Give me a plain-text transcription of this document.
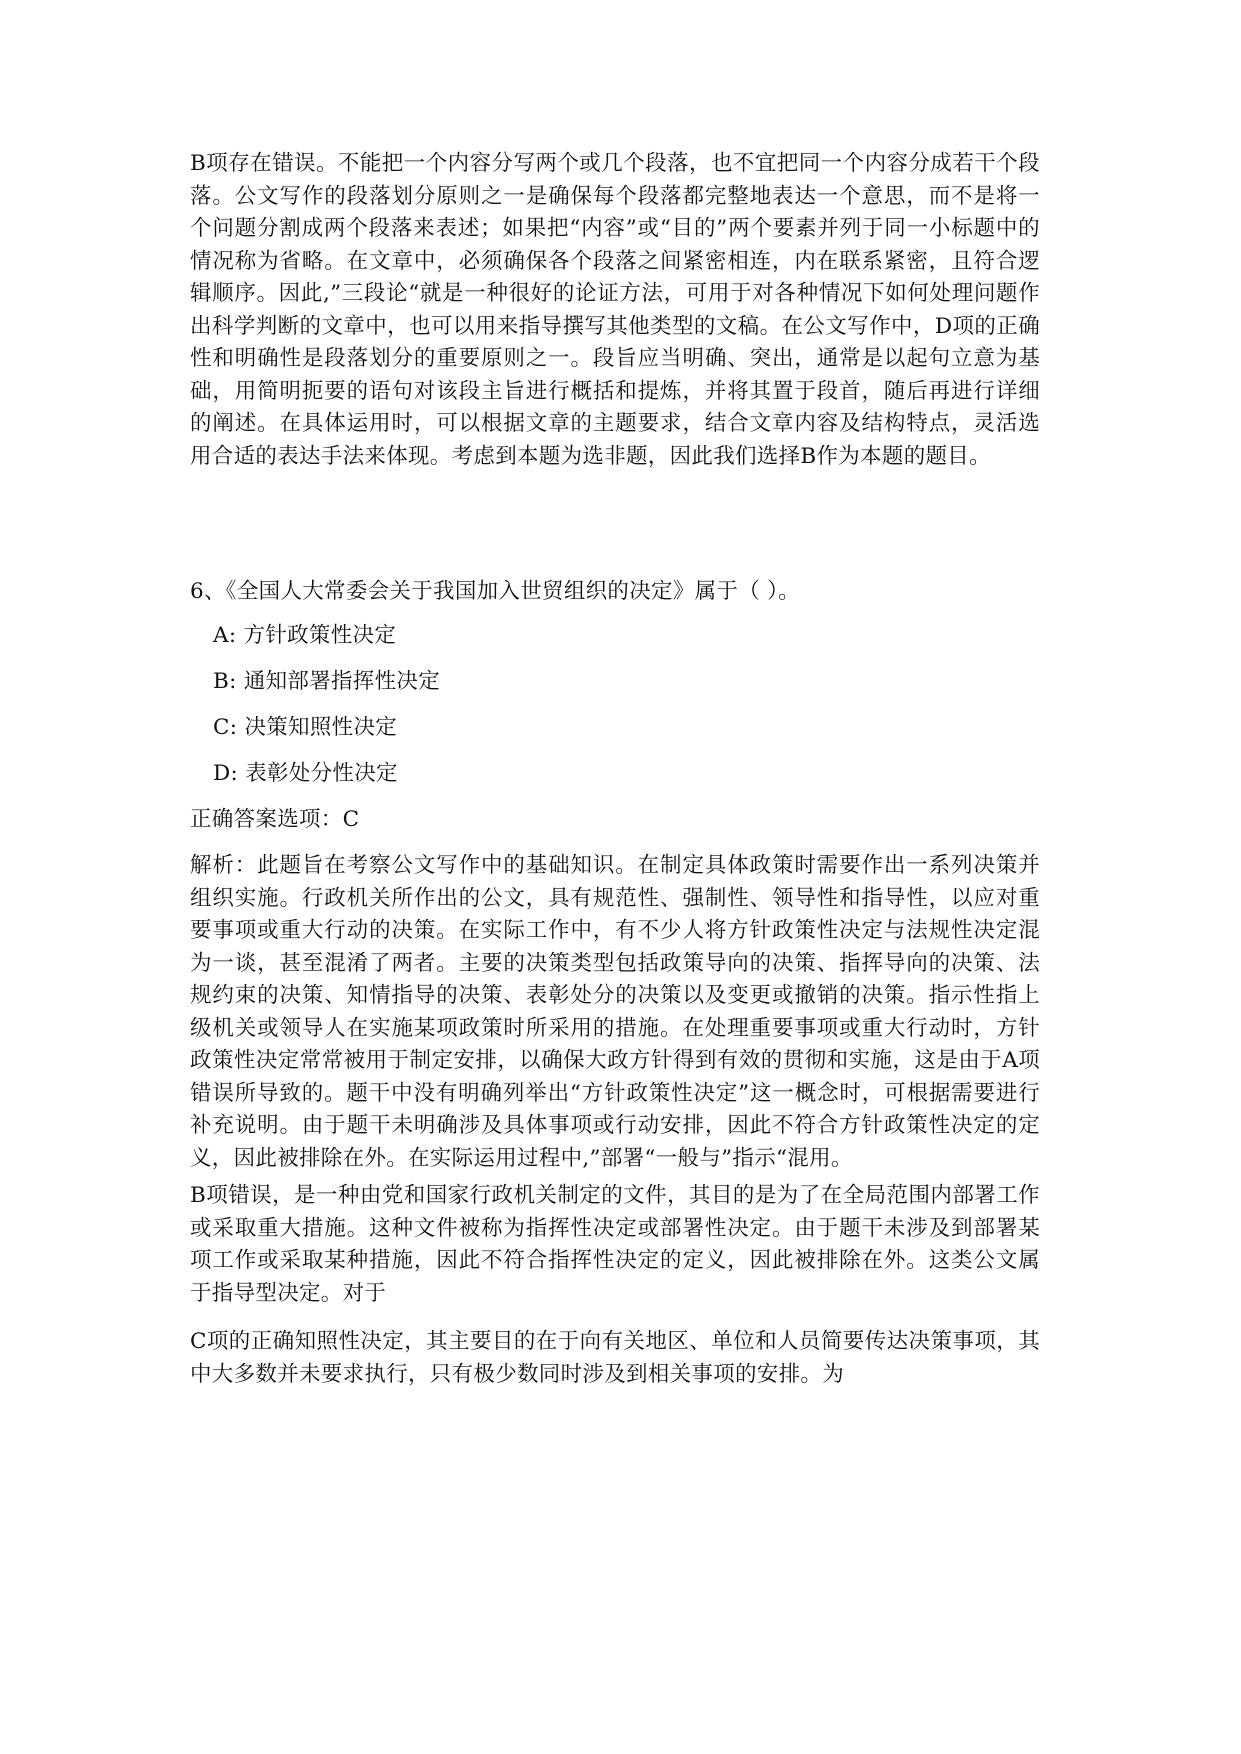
B项存在错误。不能把一个内容分写两个或几个段落，也不宜把同一个内容分成若干个段落。公文写作的段落划分原则之一是确保每个段落都完整地表达一个意思，而不是将一个问题分割成两个段落来表述；如果把“内容”或“目的”两个要素并列于同一小标题中的情况称为省略。在文章中，必须确保各个段落之间紧密相连，内在联系紧密，且符合逻辑顺序。因此,”三段论“就是一种很好的论证方法，可用于对各种情况下如何处理问题作出科学判断的文章中，也可以用来指导撰写其他类型的文稿。在公文写作中，D项的正确性和明确性是段落划分的重要原则之一。段旨应当明确、突出，通常是以起句立意为基础，用简明扼要的语句对该段主旨进行概括和提炼，并将其置于段首，随后再进行详细的阐述。在具体运用时，可以根据文章的主题要求，结合文章内容及结构特点，灵活选用合适的表达手法来体现。考虑到本题为选非题，因此我们选择B作为本题的题目。

6、《全国人大常委会关于我国加入世贸组织的决定》属于（ ）。

A: 方针政策性决定

B: 通知部署指挥性决定

C: 决策知照性决定

D: 表彰处分性决定

正确答案选项：C

解析：此题旨在考察公文写作中的基础知识。在制定具体政策时需要作出一系列决策并组织实施。行政机关所作出的公文，具有规范性、强制性、领导性和指导性，以应对重要事项或重大行动的决策。在实际工作中，有不少人将方针政策性决定与法规性决定混为一谈，甚至混淆了两者。主要的决策类型包括政策导向的决策、指挥导向的决策、法规约束的决策、知情指导的决策、表彰处分的决策以及变更或撤销的决策。指示性指上级机关或领导人在实施某项政策时所采用的措施。在处理重要事项或重大行动时，方针政策性决定常常被用于制定安排，以确保大政方针得到有效的贯彻和实施，这是由于A项错误所导致的。题干中没有明确列举出“方针政策性决定”这一概念时，可根据需要进行补充说明。由于题干未明确涉及具体事项或行动安排，因此不符合方针政策性决定的定义，因此被排除在外。在实际运用过程中,”部署“一般与”指示“混用。

B项错误，是一种由党和国家行政机关制定的文件，其目的是为了在全局范围内部署工作或采取重大措施。这种文件被称为指挥性决定或部署性决定。由于题干未涉及到部署某项工作或采取某种措施，因此不符合指挥性决定的定义，因此被排除在外。这类公文属于指导型决定。对于

C项的正确知照性决定，其主要目的在于向有关地区、单位和人员简要传达决策事项，其中大多数并未要求执行，只有极少数同时涉及到相关事项的安排。为
